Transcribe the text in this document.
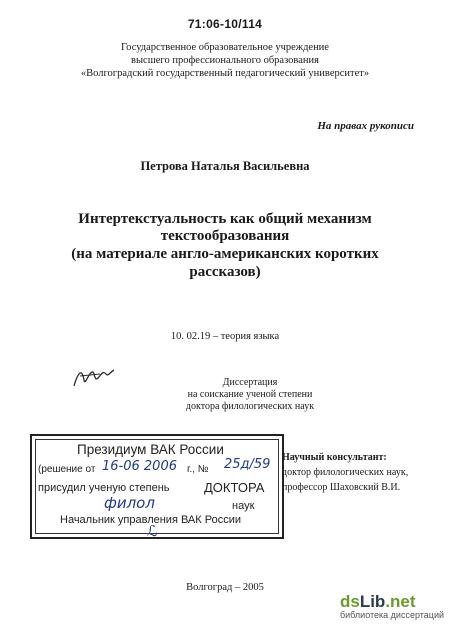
71:06-10/114
Государственное образовательное учреждение
высшего профессионального образования
«Волгоградский государственный педагогический университет»
На правах рукописи
Петрова Наталья Васильевна
Интертекстуальность как общий механизм
текстообразования
(на материале англо-американских коротких
рассказов)
10. 02.19 – теория языка
Диссертация
на соискание ученой степени
доктора филологических наук
Президиум ВАК России
(решение от 16-06 2006 г., № 25д/59
присудил ученую степень	ДОКТОРА
филол	наук
Начальник управления ВАК России
ℒ
Научный консультант:
доктор филологических наук,
профессор Шаховский В.И.
Волгоград – 2005
dsLib.net
библиотека диссертаций
